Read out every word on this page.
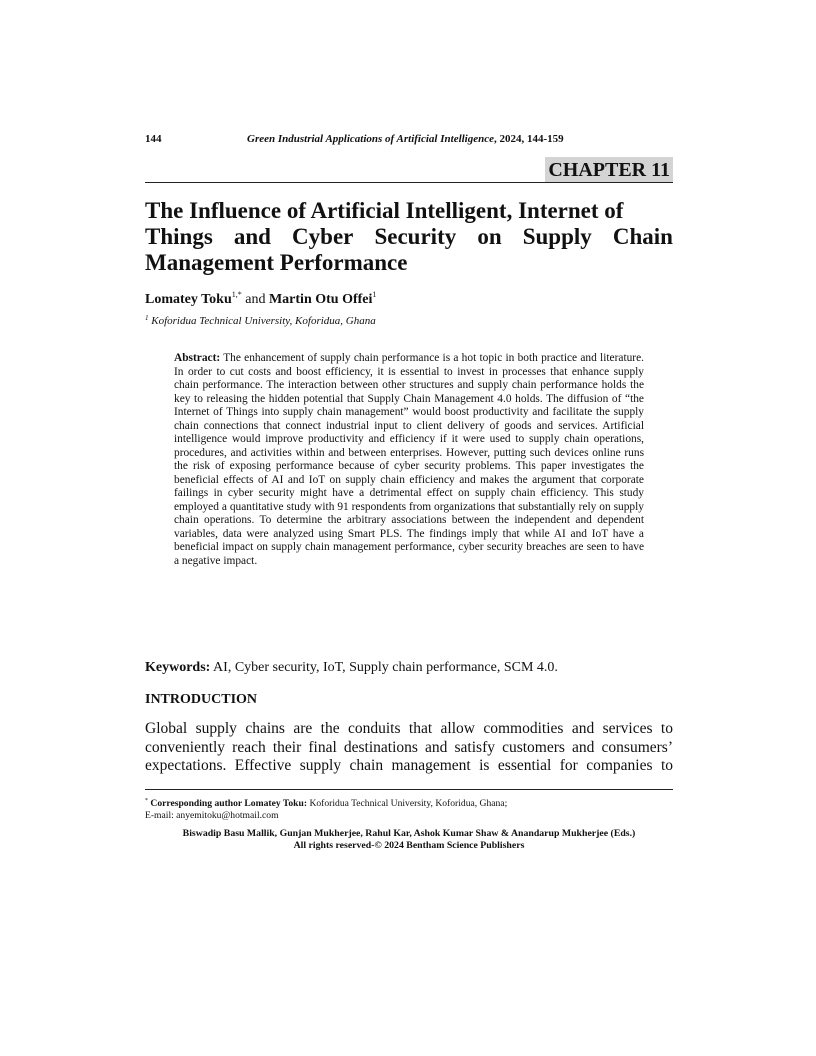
144	Green Industrial Applications of Artificial Intelligence, 2024, 144-159
CHAPTER 11
The Influence of Artificial Intelligent, Internet of
Things and Cyber Security on Supply Chain
Management Performance
Lomatey Toku$^{1,*}$ and Martin Otu Offei$^1$
$^1$ Koforidua Technical University, Koforidua, Ghana

Abstract: The enhancement of supply chain performance is a hot topic in both practice and literature. In order to cut costs and boost efficiency, it is essential to invest in processes that enhance supply chain performance. The interaction between other structures and supply chain performance holds the key to releasing the hidden potential that Supply Chain Management 4.0 holds. The diffusion of “the Internet of Things into supply chain management” would boost productivity and facilitate the supply chain connections that connect industrial input to client delivery of goods and services. Artificial intelligence would improve productivity and efficiency if it were used to supply chain operations, procedures, and activities within and between enterprises. However, putting such devices online runs the risk of exposing performance because of cyber security problems. This paper investigates the beneficial effects of AI and IoT on supply chain efficiency and makes the argument that corporate failings in cyber security might have a detrimental effect on supply chain efficiency. This study employed a quantitative study with 91 respondents from organizations that substantially rely on supply chain operations. To determine the arbitrary associations between the independent and dependent variables, data were analyzed using Smart PLS. The findings imply that while AI and IoT have a beneficial impact on supply chain management performance, cyber security breaches are seen to have a negative impact.

Keywords: AI, Cyber security, IoT, Supply chain performance, SCM 4.0.
INTRODUCTION

Global supply chains are the conduits that allow commodities and services to
conveniently reach their final destinations and satisfy customers and consumers’
expectations. Effective supply chain management is essential for companies to

* Corresponding author Lomatey Toku: Koforidua Technical University, Koforidua, Ghana;
E-mail: anyemitoku@hotmail.com
Biswadip Basu Mallik, Gunjan Mukherjee, Rahul Kar, Ashok Kumar Shaw & Anandarup Mukherjee (Eds.)
All rights reserved-© 2024 Bentham Science Publishers
